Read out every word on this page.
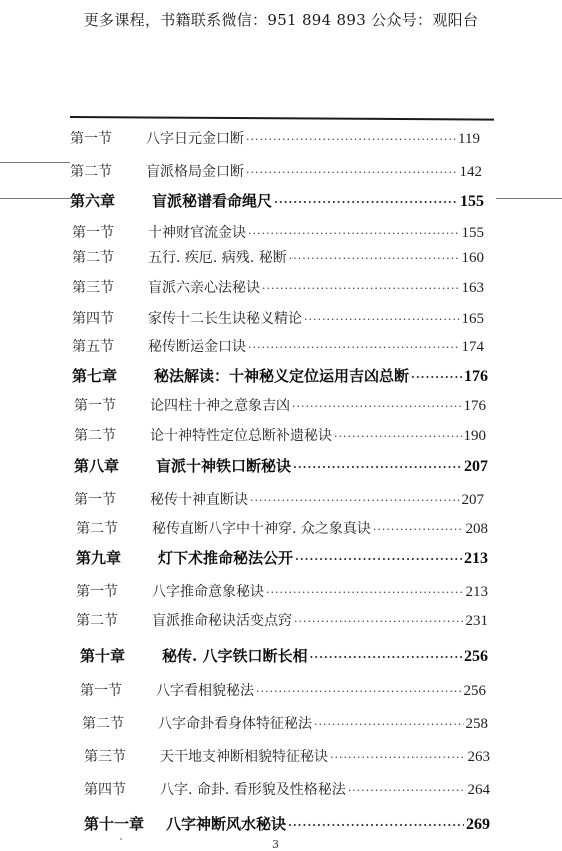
更多课程，书籍联系微信：951 894 893 公众号：观阳台
第一节	八字日元金口断 ·····	119
第二节	盲派格局金口断 ·····	142
第六章	盲派秘谱看命绳尺 ·····	155
第一节	十神财官流金诀 ·····	155
第二节	五行. 疾厄. 病残. 秘断 ·····	160
第三节	盲派六亲心法秘诀 ·····	163
第四节	家传十二长生诀秘义精论 ·····	165
第五节	秘传断运金口诀 ·····	174
第七章	秘法解读：十神秘义定位运用吉凶总断 ·····	176
第一节	论四柱十神之意象吉凶 ·····	176
第二节	论十神特性定位总断补遗秘诀 ·····	190
第八章	盲派十神铁口断秘诀 ·····	207
第一节	秘传十神直断诀 ·····	207
第二节	秘传直断八字中十神穿. 众之象真诀 ·····	208
第九章	灯下术推命秘法公开 ·····	213
第一节	八字推命意象秘诀 ·····	213
第二节	盲派推命秘诀活变点窍 ·····	231
第十章	秘传. 八字铁口断长相 ·····	256
第一节	八字看相貌秘法 ·····	256
第二节	八字命卦看身体特征秘法 ·····	258
第三节	天干地支神断相貌特征秘诀 ·····	263
第四节	八字. 命卦. 看形貌及性格秘法 ·····	264
第十一章	八字神断风水秘诀 ·····	269
3
